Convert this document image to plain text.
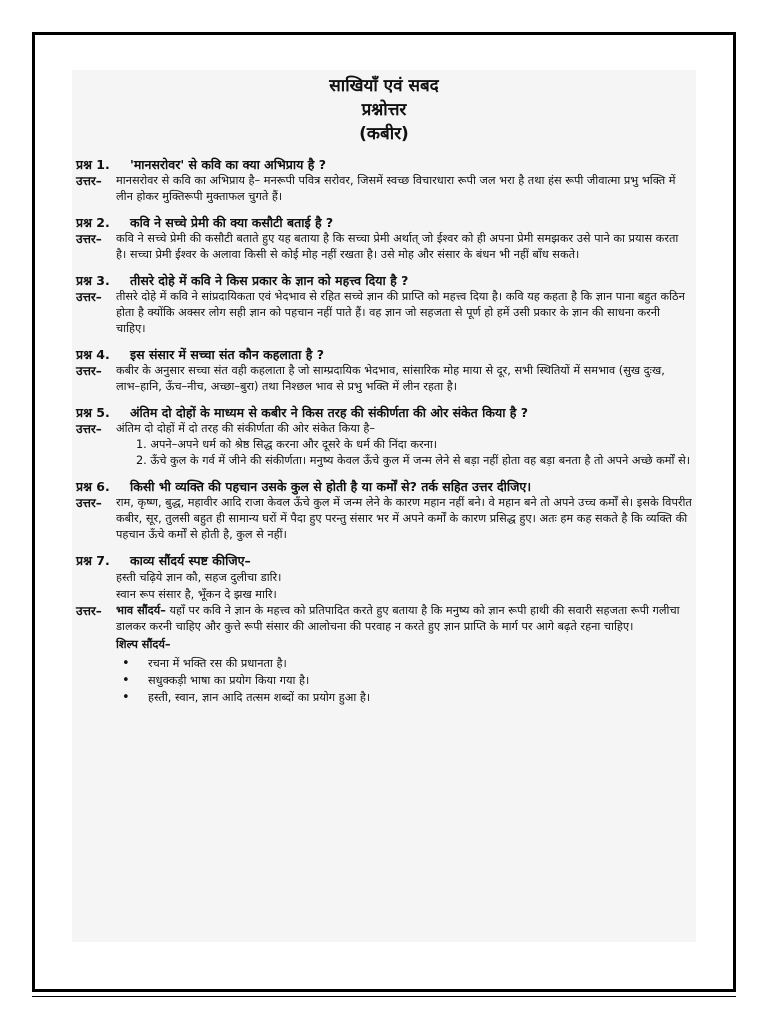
साखियाँ एवं सबद
प्रश्नोत्तर
(कबीर)
प्रश्न 1. 'मानसरोवर' से कवि का क्या अभिप्राय है ?
उत्तर– मानसरोवर से कवि का अभिप्राय है– मनरूपी पवित्र सरोवर, जिसमें स्वच्छ विचारधारा रूपी जल भरा है तथा हंस रूपी जीवात्मा प्रभु भक्ति में लीन होकर मुक्तिरूपी मुक्ताफल चुगते हैं।
प्रश्न 2. कवि ने सच्चे प्रेमी की क्या कसौटी बताई है ?
उत्तर– कवि ने सच्चे प्रेमी की कसौटी बताते हुए यह बताया है कि सच्चा प्रेमी अर्थात् जो ईश्वर को ही अपना प्रेमी समझकर उसे पाने का प्रयास करता है। सच्चा प्रेमी ईश्वर के अलावा किसी से कोई मोह नहीं रखता है। उसे मोह और संसार के बंधन भी नहीं बाँध सकते।
प्रश्न 3. तीसरे दोहे में कवि ने किस प्रकार के ज्ञान को महत्त्व दिया है ?
उत्तर– तीसरे दोहे में कवि ने सांप्रदायिकता एवं भेदभाव से रहित सच्चे ज्ञान की प्राप्ति को महत्त्व दिया है। कवि यह कहता है कि ज्ञान पाना बहुत कठिन होता है क्योंकि अक्सर लोग सही ज्ञान को पहचान नहीं पाते हैं। वह ज्ञान जो सहजता से पूर्ण हो हमें उसी प्रकार के ज्ञान की साधना करनी चाहिए।
प्रश्न 4. इस संसार में सच्चा संत कौन कहलाता है ?
उत्तर– कबीर के अनुसार सच्चा संत वही कहलाता है जो साम्प्रदायिक भेदभाव, सांसारिक मोह माया से दूर, सभी स्थितियों में समभाव (सुख दुःख, लाभ–हानि, ऊँच–नीच, अच्छा–बुरा) तथा निश्छल भाव से प्रभु भक्ति में लीन रहता है।
प्रश्न 5. अंतिम दो दोहों के माध्यम से कबीर ने किस तरह की संकीर्णता की ओर संकेत किया है ?
उत्तर– अंतिम दो दोहों में दो तरह की संकीर्णता की ओर संकेत किया है–
1. अपने–अपने धर्म को श्रेष्ठ सिद्ध करना और दूसरे के धर्म की निंदा करना।
2. ऊँचे कुल के गर्व में जीने की संकीर्णता। मनुष्य केवल ऊँचे कुल में जन्म लेने से बड़ा नहीं होता वह बड़ा बनता है तो अपने अच्छे कर्मों से।
प्रश्न 6. किसी भी व्यक्ति की पहचान उसके कुल से होती है या कर्मों से? तर्क सहित उत्तर दीजिए।
उत्तर– राम, कृष्ण, बुद्ध, महावीर आदि राजा केवल ऊँचे कुल में जन्म लेने के कारण महान नहीं बने। वे महान बने तो अपने उच्च कर्मों से। इसके विपरीत कबीर, सूर, तुलसी बहुत ही सामान्य घरों में पैदा हुए परन्तु संसार भर में अपने कर्मों के कारण प्रसिद्ध हुए। अतः हम कह सकते है कि व्यक्ति की पहचान ऊँचे कर्मों से होती है, कुल से नहीं।
प्रश्न 7. काव्य सौंदर्य स्पष्ट कीजिए–
हस्ती चढ़िये ज्ञान कौ, सहज दुलीचा डारि।
स्वान रूप संसार है, भूँकन दे झख मारि।
उत्तर– भाव सौंदर्य– यहाँ पर कवि ने ज्ञान के महत्त्व को प्रतिपादित करते हुए बताया है कि मनुष्य को ज्ञान रूपी हाथी की सवारी सहजता रूपी गलीचा डालकर करनी चाहिए और कुत्ते रूपी संसार की आलोचना की परवाह न करते हुए ज्ञान प्राप्ति के मार्ग पर आगे बढ़ते रहना चाहिए।
शिल्प सौंदर्य–
• रचना में भक्ति रस की प्रधानता है।
• सधुक्कड़ी भाषा का प्रयोग किया गया है।
• हस्ती, स्वान, ज्ञान आदि तत्सम शब्दों का प्रयोग हुआ है।
